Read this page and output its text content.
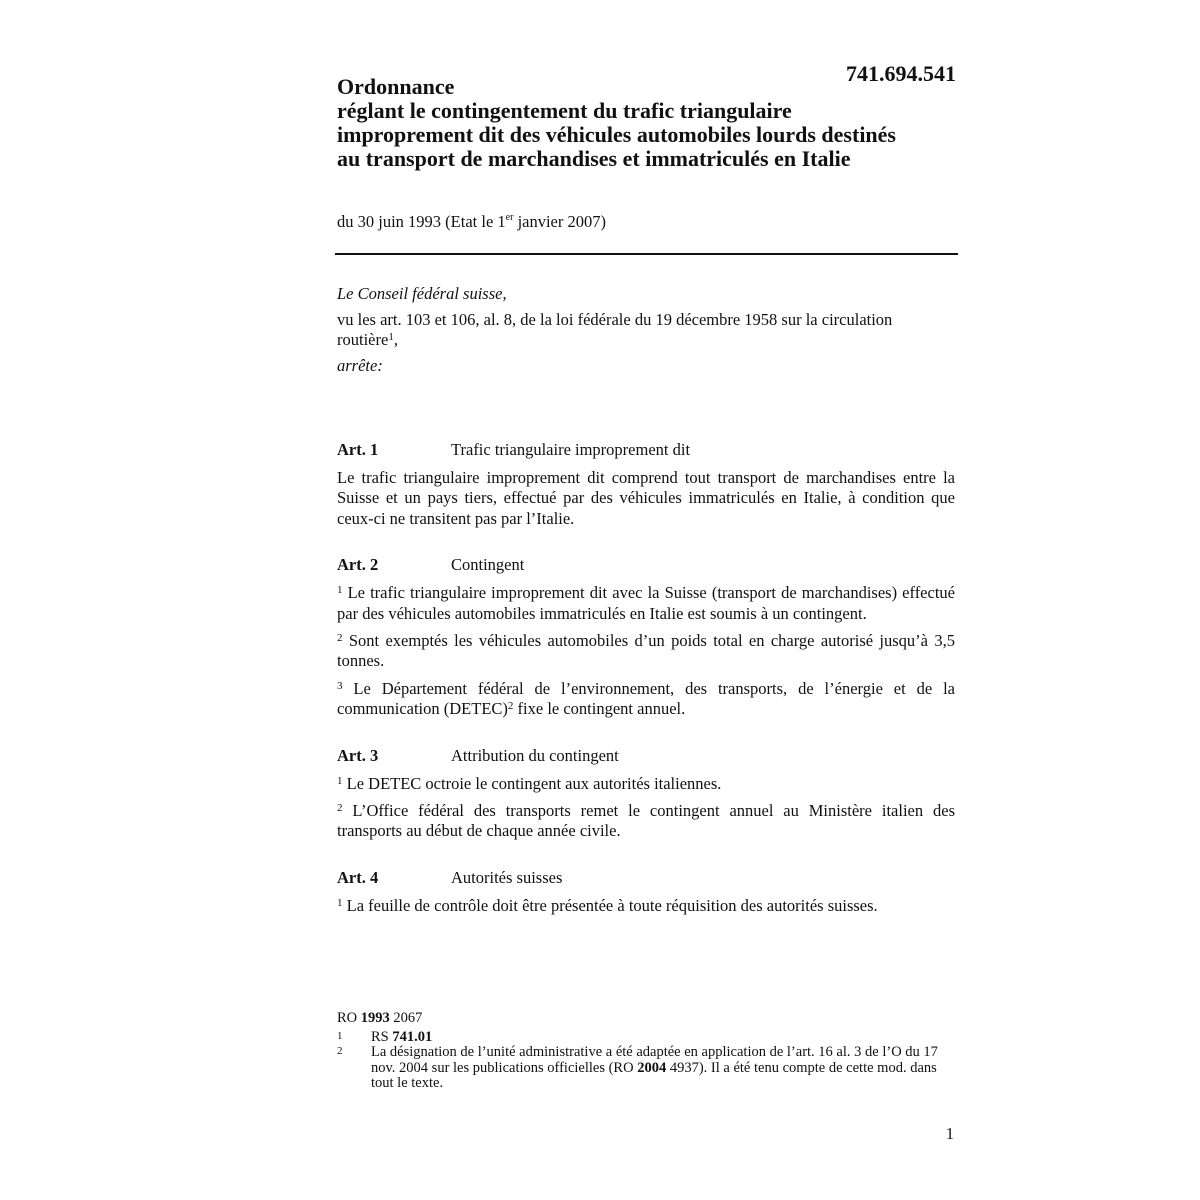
741.694.541
Ordonnance
réglant le contingentement du trafic triangulaire
improprement dit des véhicules automobiles lourds destinés
au transport de marchandises et immatriculés en Italie
du 30 juin 1993 (Etat le 1er janvier 2007)

Le Conseil fédéral suisse,

vu les art. 103 et 106, al. 8, de la loi fédérale du 19 décembre 1958 sur la circulation routière$^1$,

arrête:

Art. 1	Trafic triangulaire improprement dit

Le trafic triangulaire improprement dit comprend tout transport de marchandises entre la Suisse et un pays tiers, effectué par des véhicules immatriculés en Italie, à condition que ceux-ci ne transitent pas par l’Italie.

Art. 2	Contingent

$^1$ Le trafic triangulaire improprement dit avec la Suisse (transport de marchandises) effectué par des véhicules automobiles immatriculés en Italie est soumis à un contingent.

$^2$ Sont exemptés les véhicules automobiles d’un poids total en charge autorisé jusqu’à 3,5 tonnes.

$^3$ Le Département fédéral de l’environnement, des transports, de l’énergie et de la communication (DETEC)$^2$ fixe le contingent annuel.

Art. 3	Attribution du contingent

$^1$ Le DETEC octroie le contingent aux autorités italiennes.

$^2$ L’Office fédéral des transports remet le contingent annuel au Ministère italien des transports au début de chaque année civile.

Art. 4	Autorités suisses

$^1$ La feuille de contrôle doit être présentée à toute réquisition des autorités suisses.

RO 1993 2067
1	RS 741.01
2	La désignation de l’unité administrative a été adaptée en application de l’art. 16 al. 3 de l’O du 17 nov. 2004 sur les publications officielles (RO 2004 4937). Il a été tenu compte de cette mod. dans tout le texte.
1
